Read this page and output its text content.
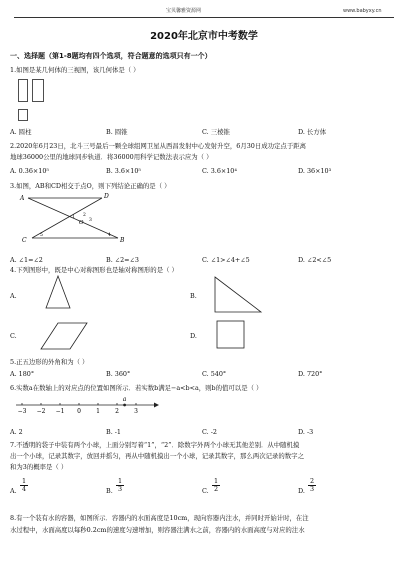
宝贝馨雅资源网	www.babyxy.cn
2020年北京市中考数学
一、选择题（第1-8题均有四个选项，符合题意的选项只有一个）
1.如图是某几何体的三视图，该几何体是（ ）
A. 圆柱	B. 圆锥	C. 三棱锥	D. 长方体
2.2020年6月23日，北斗三号最后一颗全球组网卫星从西昌发射中心发射升空，6月30日成功定点于距离
地球36000公里的地球同步轨道．将36000用科学记数法表示应为（ ）
A. 0.36×10⁵	B. 3.6×10⁵	C. 3.6×10⁴	D. 36×10³
3.如图，AB和CD相交于点O，则下列结论正确的是（ ）
A	D
C	B
O
1 2
3
4
5
A. ∠1=∠2	B. ∠2=∠3	C. ∠1>∠4+∠5	D. ∠2<∠5
4.下列图形中，既是中心对称图形也是轴对称图形的是（ ）
A.	B.
C.	D.
5.正五边形的外角和为（ ）
A. 180°	B. 360°	C. 540°	D. 720°
6.实数a在数轴上的对应点的位置如图所示．若实数b满足−a<b<a，则b的值可以是（ ）
−3 −2 −1 0	1	2	3
a
A. 2	B. -1	C. -2	D. -3
7.不透明的袋子中装有两个小球，上面分别写着“1”，“2”．除数字外两个小球无其他差别．从中随机摸
出一个小球，记录其数字，放回并摇匀，再从中随机摸出一个小球，记录其数字，那么两次记录的数字之
和为3的概率是（ ）
A. $\frac{1}{4}$	B. $\frac{1}{3}$	C. $\frac{1}{2}$	D. $\frac{2}{3}$
8.有一个装有水的容器，如图所示．容器内的水面高度是10cm，现向容器内注水，并同时开始计时，在注
水过程中，水面高度以每秒0.2cm的速度匀速增加，则容器注满水之前，容器内的水面高度与对应的注水
